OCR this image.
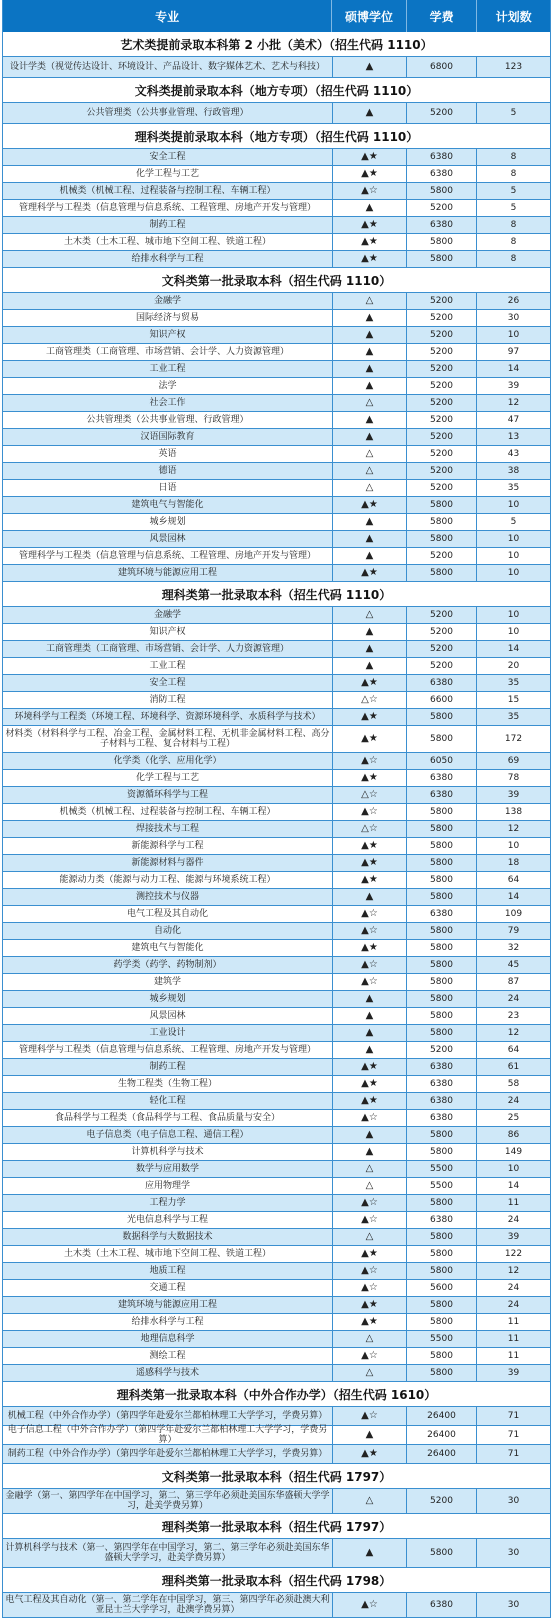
专业	硕博学位	学费	计划数
艺术类提前录取本科第 2 小批（美术）（招生代码 1110）
设计学类（视觉传达设计、环境设计、产品设计、数字媒体艺术、艺术与科技）	▲	6800	123
文科类提前录取本科（地方专项）（招生代码 1110）
公共管理类（公共事业管理、行政管理）	▲	5200	5
理科类提前录取本科（地方专项）（招生代码 1110）
安全工程	▲★	6380	8
化学工程与工艺	▲★	6380	8
机械类（机械工程、过程装备与控制工程、车辆工程）	▲☆	5800	5
管理科学与工程类（信息管理与信息系统、工程管理、房地产开发与管理）	▲	5200	5
制药工程	▲★	6380	8
土木类（土木工程、城市地下空间工程、铁道工程）	▲★	5800	8
给排水科学与工程	▲★	5800	8
文科类第一批录取本科（招生代码 1110）
金融学	△	5200	26
国际经济与贸易	▲	5200	30
知识产权	▲	5200	10
工商管理类（工商管理、市场营销、会计学、人力资源管理）	▲	5200	97
工业工程	▲	5200	14
法学	▲	5200	39
社会工作	△	5200	12
公共管理类（公共事业管理、行政管理）	▲	5200	47
汉语国际教育	▲	5200	13
英语	△	5200	43
德语	△	5200	38
日语	△	5200	35
建筑电气与智能化	▲★	5800	10
城乡规划	▲	5800	5
风景园林	▲	5800	10
管理科学与工程类（信息管理与信息系统、工程管理、房地产开发与管理）	▲	5200	10
建筑环境与能源应用工程	▲★	5800	10
理科类第一批录取本科（招生代码 1110）
金融学	△	5200	10
知识产权	▲	5200	10
工商管理类（工商管理、市场营销、会计学、人力资源管理）	▲	5200	14
工业工程	▲	5200	20
安全工程	▲★	6380	35
消防工程	△☆	6600	15
环境科学与工程类（环境工程、环境科学、资源环境科学、水质科学与技术）	▲★	5800	35
材料类（材料科学与工程、冶金工程、金属材料工程、无机非金属材料工程、高分子材料与工程、复合材料与工程）	▲★	5800	172
化学类（化学、应用化学）	▲☆	6050	69
化学工程与工艺	▲★	6380	78
资源循环科学与工程	△☆	6380	39
机械类（机械工程、过程装备与控制工程、车辆工程）	▲☆	5800	138
焊接技术与工程	△☆	5800	12
新能源科学与工程	▲★	5800	10
新能源材料与器件	▲★	5800	18
能源动力类（能源与动力工程、能源与环境系统工程）	▲★	5800	64
测控技术与仪器	▲	5800	14
电气工程及其自动化	▲☆	6380	109
自动化	▲☆	5800	79
建筑电气与智能化	▲★	5800	32
药学类（药学、药物制剂）	▲☆	5800	45
建筑学	▲☆	5800	87
城乡规划	▲	5800	24
风景园林	▲	5800	23
工业设计	▲	5800	12
管理科学与工程类（信息管理与信息系统、工程管理、房地产开发与管理）	▲	5200	64
制药工程	▲★	6380	61
生物工程类（生物工程）	▲★	6380	58
轻化工程	▲★	6380	24
食品科学与工程类（食品科学与工程、食品质量与安全）	▲☆	6380	25
电子信息类（电子信息工程、通信工程）	▲	5800	86
计算机科学与技术	▲	5800	149
数学与应用数学	△	5500	10
应用物理学	△	5500	14
工程力学	▲☆	5800	11
光电信息科学与工程	▲☆	6380	24
数据科学与大数据技术	△	5800	39
土木类（土木工程、城市地下空间工程、铁道工程）	▲★	5800	122
地质工程	▲☆	5800	12
交通工程	▲☆	5600	24
建筑环境与能源应用工程	▲★	5800	24
给排水科学与工程	▲★	5800	11
地理信息科学	△	5500	11
测绘工程	▲☆	5800	11
遥感科学与技术	△	5800	39
理科类第一批录取本科（中外合作办学）（招生代码 1610）
机械工程（中外合作办学）（第四学年赴爱尔兰都柏林理工大学学习，学费另算）	▲☆	26400	71
电子信息工程（中外合作办学）（第四学年赴爱尔兰都柏林理工大学学习，学费另算）	▲	26400	71
制药工程（中外合作办学）（第四学年赴爱尔兰都柏林理工大学学习，学费另算）	▲★	26400	71
文科类第一批录取本科（招生代码 1797）
金融学（第一、第四学年在中国学习，第二、第三学年必须赴美国东华盛顿大学学习，赴美学费另算）	△	5200	30
理科类第一批录取本科（招生代码 1797）
计算机科学与技术（第一、第四学年在中国学习，第二、第三学年必须赴美国东华盛顿大学学习，赴美学费另算）	▲	5800	30
理科类第一批录取本科（招生代码 1798）
电气工程及其自动化（第一、第二学年在中国学习，第三、第四学年必须赴澳大利亚昆士兰大学学习，赴澳学费另算）	▲☆	6380	30
